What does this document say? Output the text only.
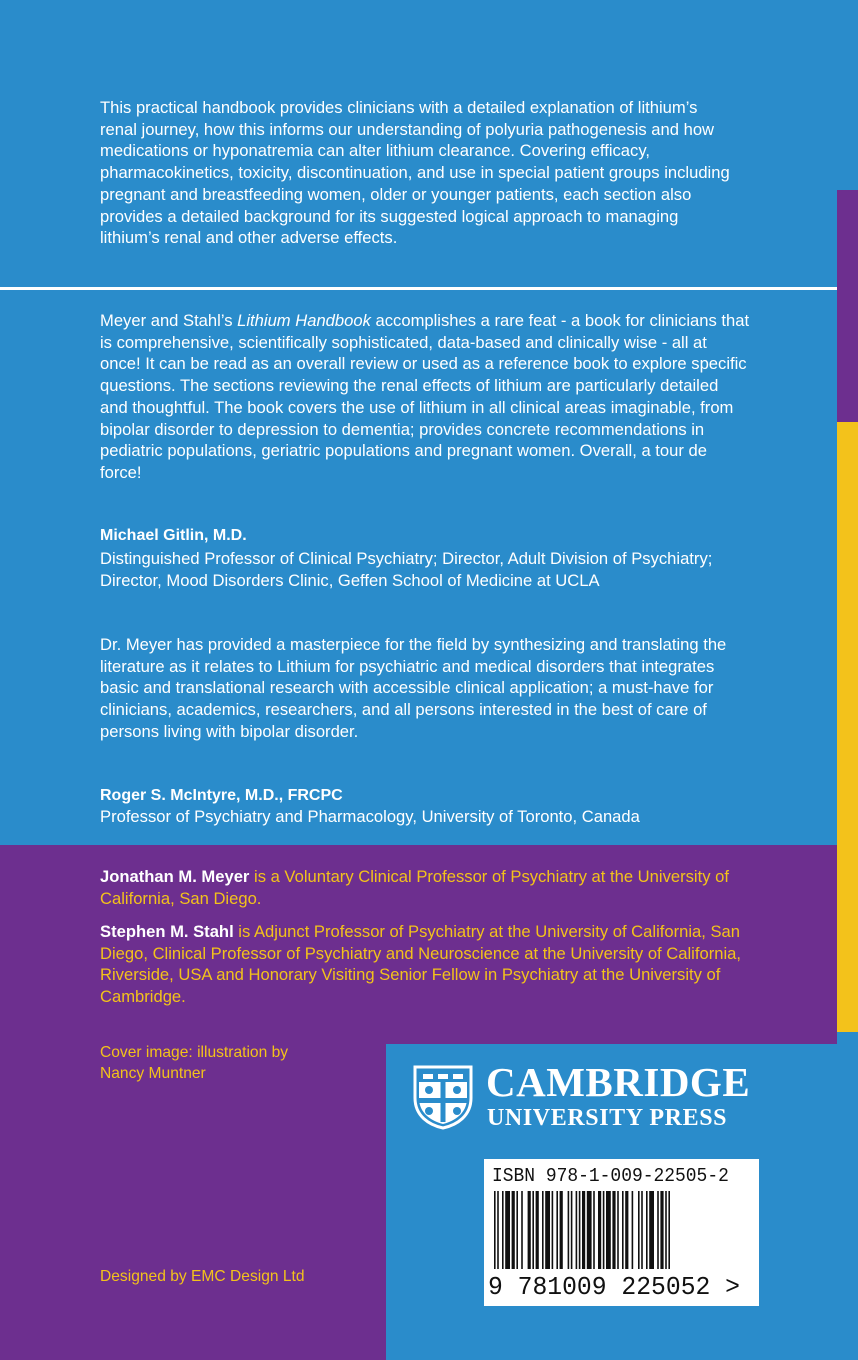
This practical handbook provides clinicians with a detailed explanation of lithium’s renal journey, how this informs our understanding of polyuria pathogenesis and how medications or hyponatremia can alter lithium clearance. Covering efficacy, pharmacokinetics, toxicity, discontinuation, and use in special patient groups including pregnant and breastfeeding women, older or younger patients, each section also provides a detailed background for its suggested logical approach to managing lithium’s renal and other adverse effects.

Meyer and Stahl’s Lithium Handbook accomplishes a rare feat - a book for clinicians that is comprehensive, scientifically sophisticated, data-based and clinically wise - all at once! It can be read as an overall review or used as a reference book to explore specific questions. The sections reviewing the renal effects of lithium are particularly detailed and thoughtful. The book covers the use of lithium in all clinical areas imaginable, from bipolar disorder to depression to dementia; provides concrete recommendations in pediatric populations, geriatric populations and pregnant women. Overall, a tour de force!

Michael Gitlin, M.D.

Distinguished Professor of Clinical Psychiatry; Director, Adult Division of Psychiatry; Director, Mood Disorders Clinic, Geffen School of Medicine at UCLA

Dr. Meyer has provided a masterpiece for the field by synthesizing and translating the literature as it relates to Lithium for psychiatric and medical disorders that integrates basic and translational research with accessible clinical application; a must-have for clinicians, academics, researchers, and all persons interested in the best of care of persons living with bipolar disorder.

Roger S. McIntyre, M.D., FRCPC

Professor of Psychiatry and Pharmacology, University of Toronto, Canada

Jonathan M. Meyer is a Voluntary Clinical Professor of Psychiatry at the University of California, San Diego.

Stephen M. Stahl is Adjunct Professor of Psychiatry at the University of California, San Diego, Clinical Professor of Psychiatry and Neuroscience at the University of California, Riverside, USA and Honorary Visiting Senior Fellow in Psychiatry at the University of Cambridge.

Cover image: illustration by Nancy Muntner

Designed by EMC Design Ltd

CAMBRIDGE
UNIVERSITY PRESS
ISBN 978-1-009-22505-2
9 781009 225052 >
